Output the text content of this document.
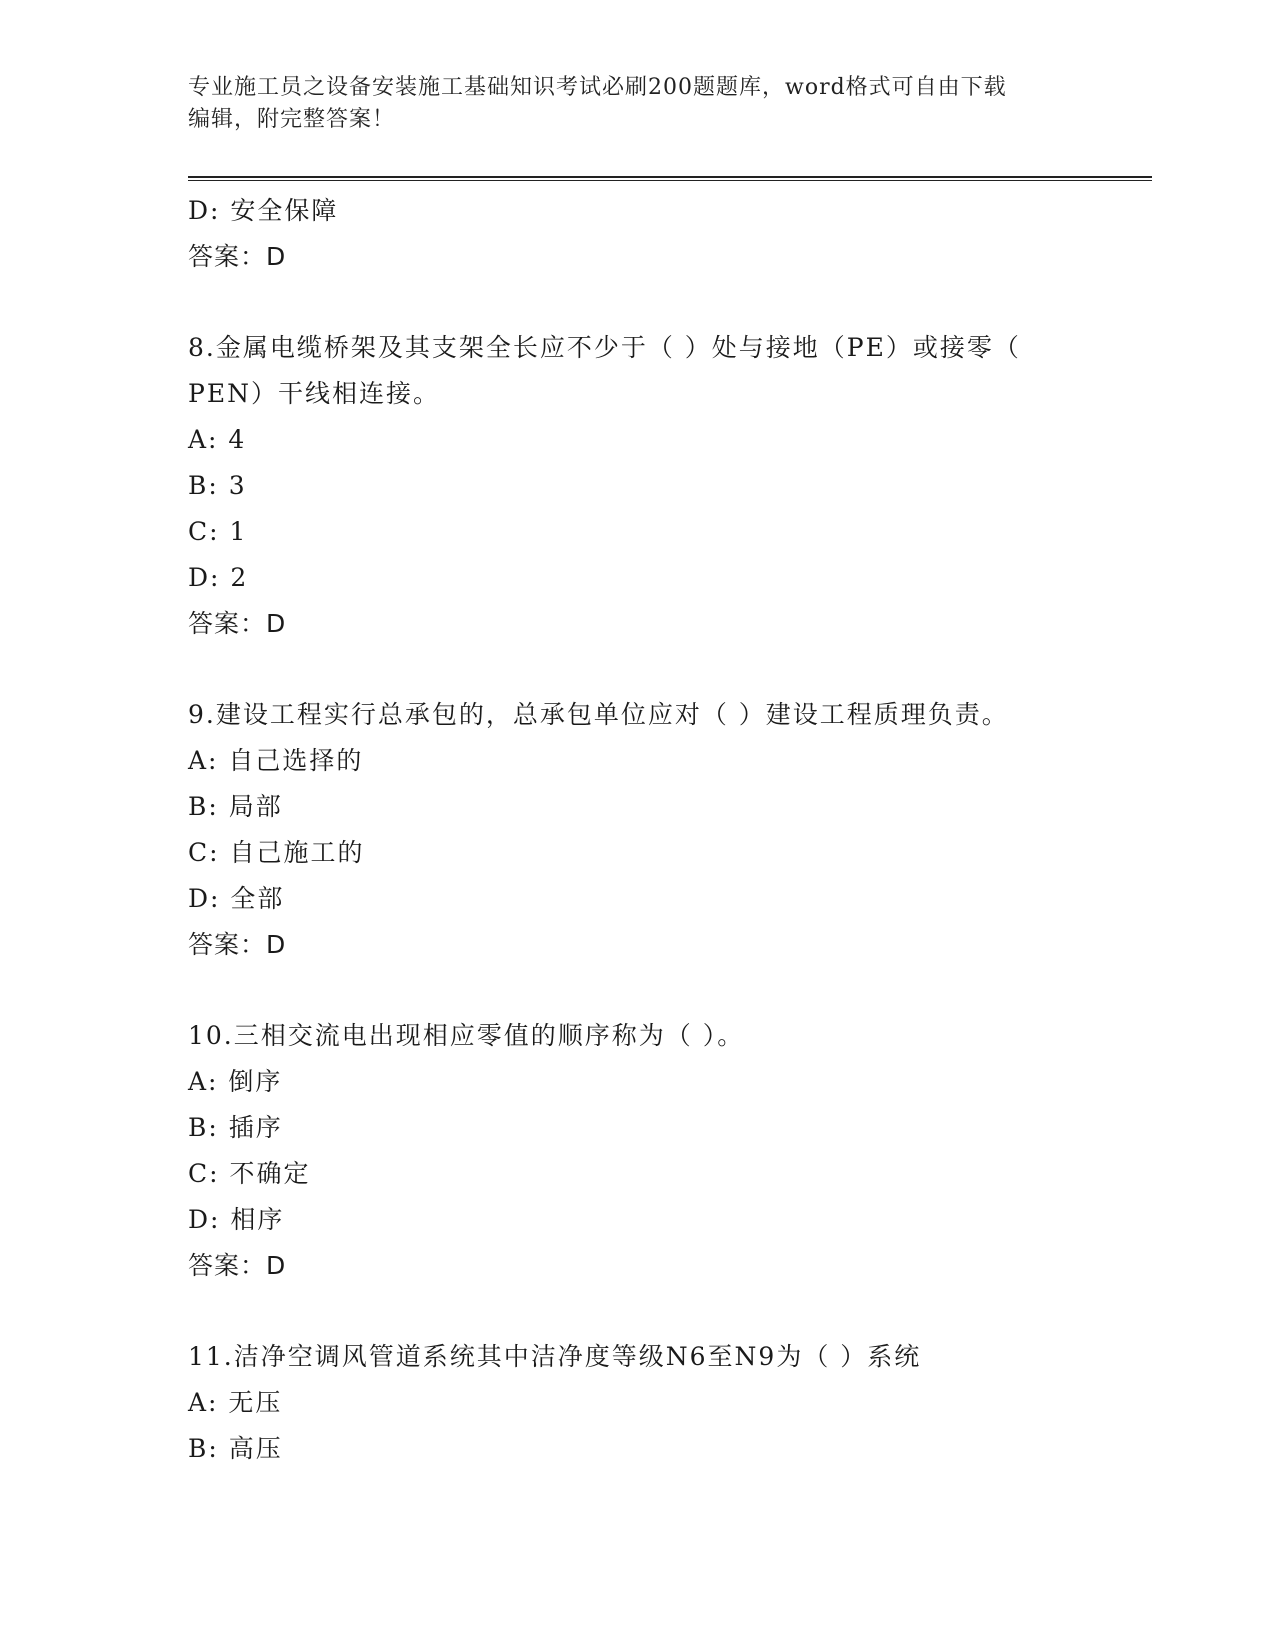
专业施工员之设备安装施工基础知识考试必刷200题题库，word格式可自由下载
编辑，附完整答案！
D: 安全保障
答案：D
8.金属电缆桥架及其支架全长应不少于（ ）处与接地（PE）或接零（
PEN）干线相连接。
A: 4
B: 3
C: 1
D: 2
答案：D
9.建设工程实行总承包的，总承包单位应对（ ）建设工程质理负责。
A: 自己选择的
B: 局部
C: 自己施工的
D: 全部
答案：D
10.三相交流电出现相应零值的顺序称为（ ）。
A: 倒序
B: 插序
C: 不确定
D: 相序
答案：D
11.洁净空调风管道系统其中洁净度等级N6至N9为（ ）系统
A: 无压
B: 高压
